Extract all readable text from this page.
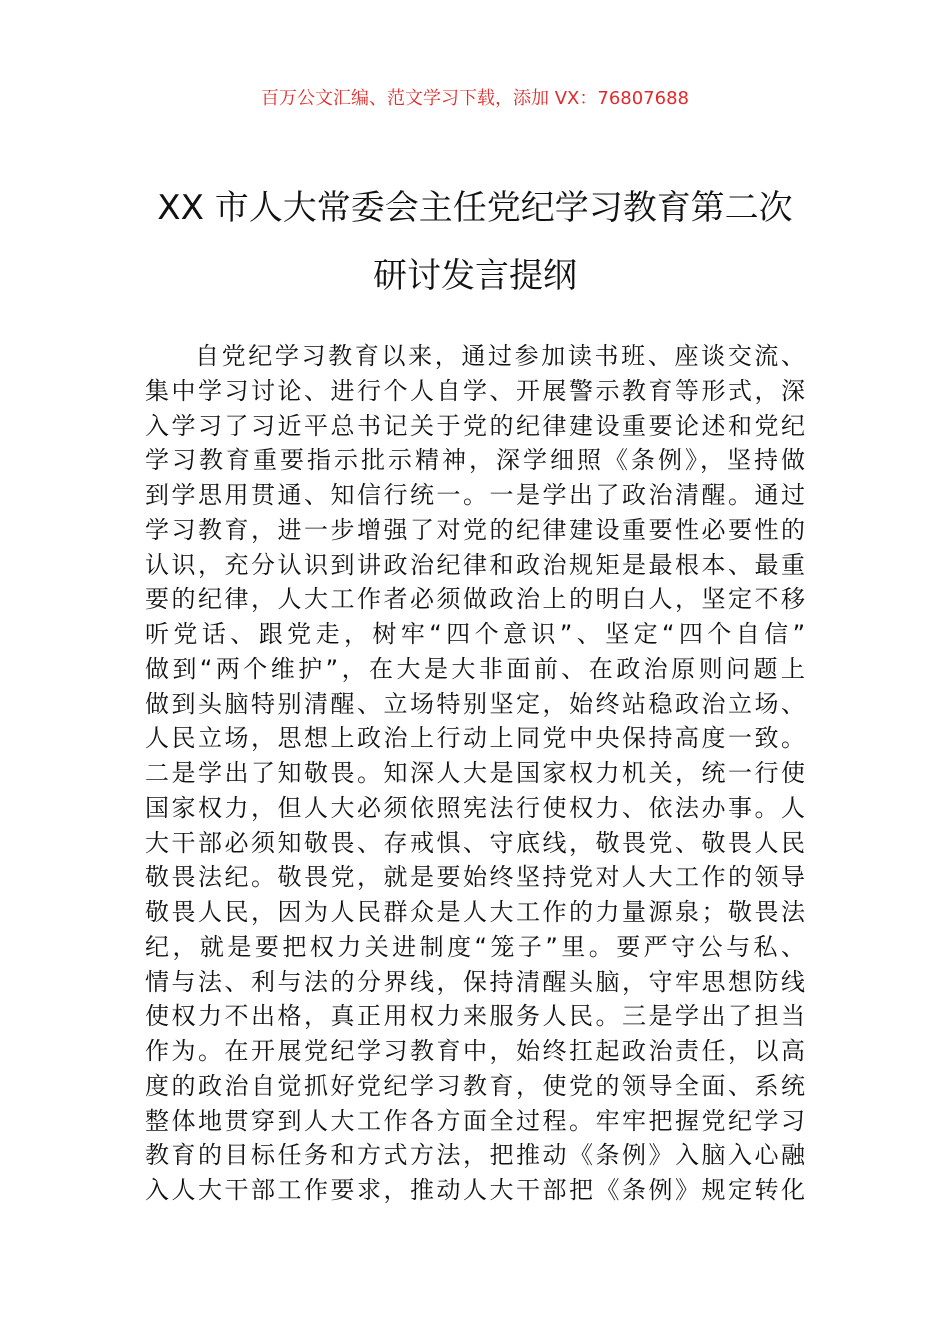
百万公文汇编、范文学习下载，添加 VX：76807688
XX 市人大常委会主任党纪学习教育第二次
研讨发言提纲
自党纪学习教育以来，通过参加读书班、座谈交流、
集中学习讨论、进行个人自学、开展警示教育等形式，深
入学习了习近平总书记关于党的纪律建设重要论述和党纪
学习教育重要指示批示精神，深学细照《条例》，坚持做
到学思用贯通、知信行统一。一是学出了政治清醒。通过
学习教育，进一步增强了对党的纪律建设重要性必要性的
认识，充分认识到讲政治纪律和政治规矩是最根本、最重
要的纪律，人大工作者必须做政治上的明白人，坚定不移
听党话、跟党走，树牢“四个意识”、坚定“四个自信”
做到“两个维护”，在大是大非面前、在政治原则问题上
做到头脑特别清醒、立场特别坚定，始终站稳政治立场、
人民立场，思想上政治上行动上同党中央保持高度一致。
二是学出了知敬畏。知深人大是国家权力机关，统一行使
国家权力，但人大必须依照宪法行使权力、依法办事。人
大干部必须知敬畏、存戒惧、守底线，敬畏党、敬畏人民
敬畏法纪。敬畏党，就是要始终坚持党对人大工作的领导
敬畏人民，因为人民群众是人大工作的力量源泉；敬畏法
纪，就是要把权力关进制度“笼子”里。要严守公与私、
情与法、利与法的分界线，保持清醒头脑，守牢思想防线
使权力不出格，真正用权力来服务人民。三是学出了担当
作为。在开展党纪学习教育中，始终扛起政治责任，以高
度的政治自觉抓好党纪学习教育，使党的领导全面、系统
整体地贯穿到人大工作各方面全过程。牢牢把握党纪学习
教育的目标任务和方式方法，把推动《条例》入脑入心融
入人大干部工作要求，推动人大干部把《条例》规定转化
